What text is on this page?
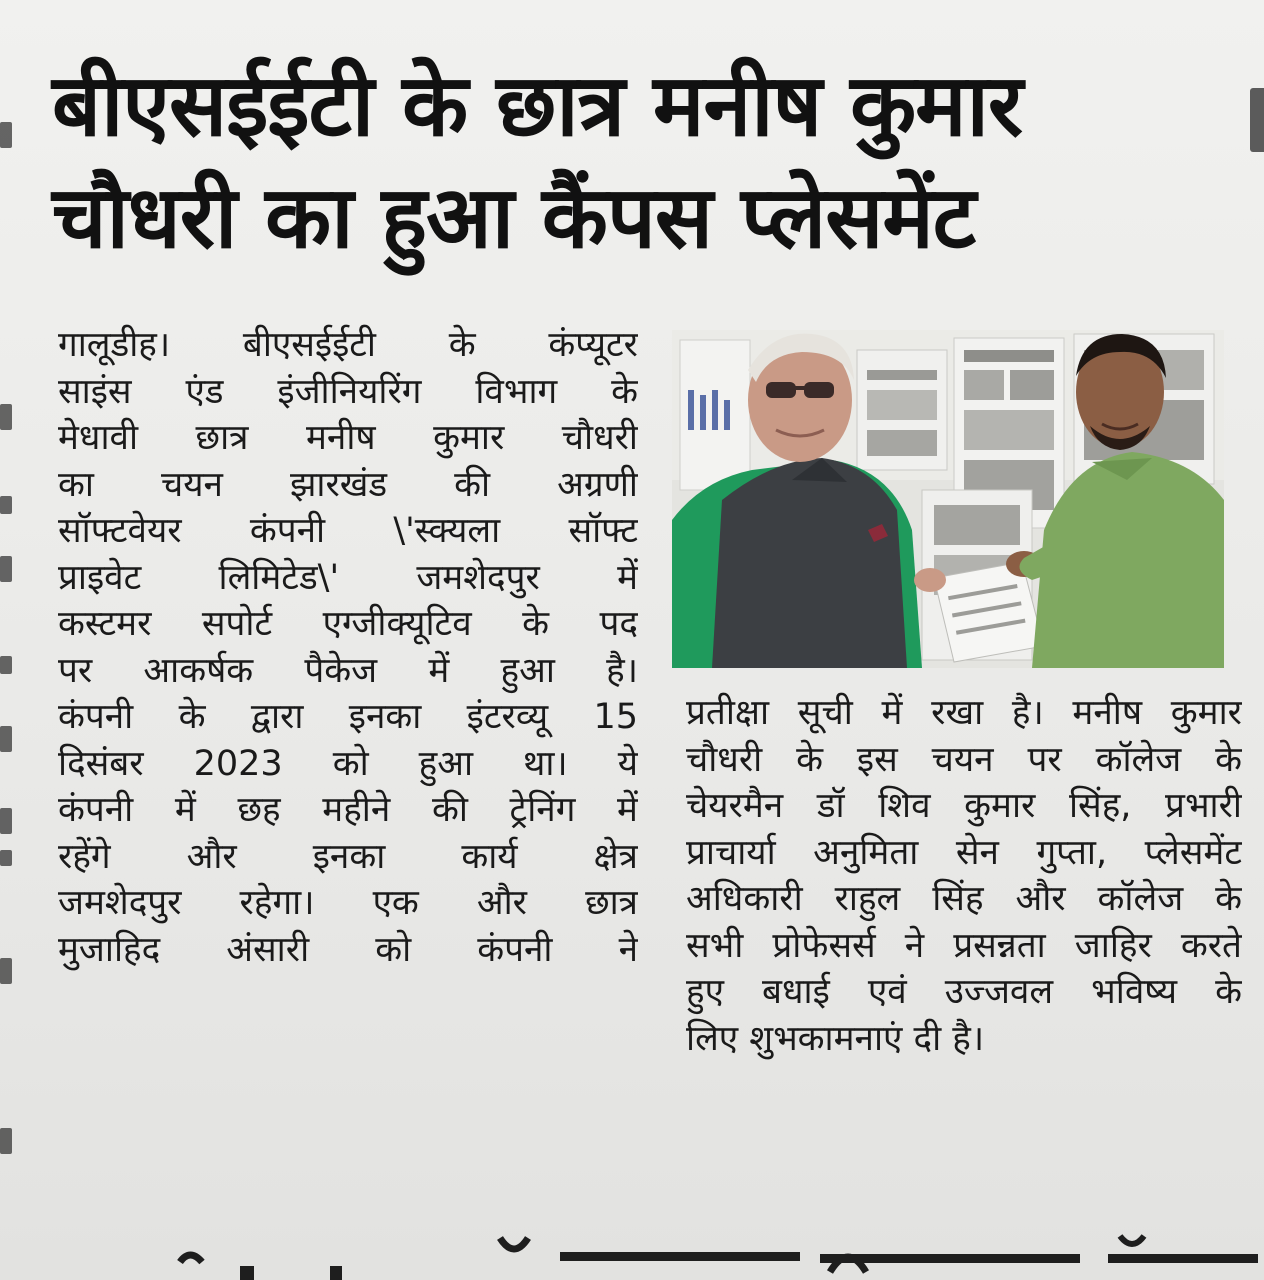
बीएसईईटी के छात्र मनीष कुमार
चौधरी का हुआ कैंपस प्लेसमेंट
गालूडीह। बीएसईईटी के कंप्यूटर
साइंस एंड इंजीनियरिंग विभाग के
मेधावी छात्र मनीष कुमार चौधरी
का चयन झारखंड की अग्रणी
सॉफ्टवेयर कंपनी \'स्क्यला सॉफ्ट
प्राइवेट लिमिटेड\' जमशेदपुर में
कस्टमर सपोर्ट एग्जीक्यूटिव के पद
पर आकर्षक पैकेज में हुआ है।
कंपनी के द्वारा इनका इंटरव्यू 15
दिसंबर 2023 को हुआ था। ये
कंपनी में छह महीने की ट्रेनिंग में
रहेंगे और इनका कार्य क्षेत्र
जमशेदपुर रहेगा। एक और छात्र
मुजाहिद अंसारी को कंपनी ने
प्रतीक्षा सूची में रखा है। मनीष कुमार
चौधरी के इस चयन पर कॉलेज के
चेयरमैन डॉ शिव कुमार सिंह, प्रभारी
प्राचार्या अनुमिता सेन गुप्ता, प्लेसमेंट
अधिकारी राहुल सिंह और कॉलेज के
सभी प्रोफेसर्स ने प्रसन्नता जाहिर करते
हुए बधाई एवं उज्जवल भविष्य के
लिए शुभकामनाएं दी है।
